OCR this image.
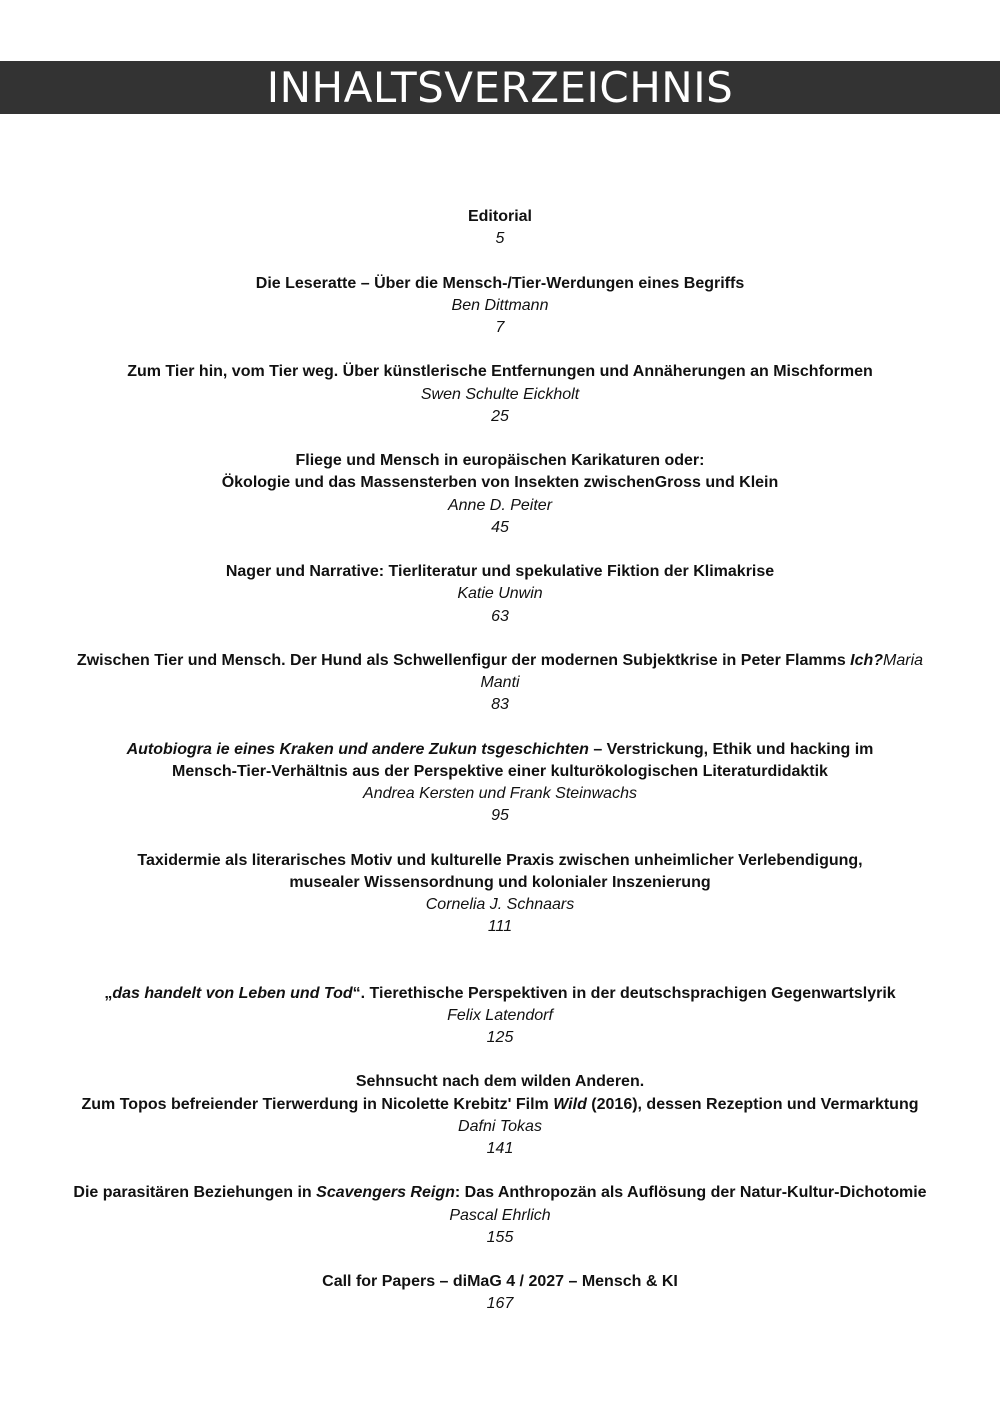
INHALTSVERZEICHNIS
Editorial
5
Die Leseratte – Über die Mensch-/Tier-Werdungen eines Begriffs
Ben Dittmann
7
Zum Tier hin, vom Tier weg. Über künstlerische Entfernungen und Annäherungen an Mischformen
Swen Schulte Eickholt
25
Fliege und Mensch in europäischen Karikaturen oder:
Ökologie und das Massensterben von Insekten zwischenGross und Klein
Anne D. Peiter
45
Nager und Narrative: Tierliteratur und spekulative Fiktion der Klimakrise
Katie Unwin
63
Zwischen Tier und Mensch. Der Hund als Schwellenfigur der modernen Subjektkrise in Peter Flamms Ich?Maria
Manti
83
Autobiogra ie eines Kraken und andere Zukun tsgeschichten – Verstrickung, Ethik und hacking im
Mensch-Tier-Verhältnis aus der Perspektive einer kulturökologischen Literaturdidaktik
Andrea Kersten und Frank Steinwachs
95
Taxidermie als literarisches Motiv und kulturelle Praxis zwischen unheimlicher Verlebendigung,
musealer Wissensordnung und kolonialer Inszenierung
Cornelia J. Schnaars
111
„das handelt von Leben und Tod“. Tierethische Perspektiven in der deutschsprachigen Gegenwartslyrik
Felix Latendorf
125
Sehnsucht nach dem wilden Anderen.
Zum Topos befreiender Tierwerdung in Nicolette Krebitz' Film Wild (2016), dessen Rezeption und Vermarktung
Dafni Tokas
141
Die parasitären Beziehungen in Scavengers Reign: Das Anthropozän als Auflösung der Natur-Kultur-Dichotomie
Pascal Ehrlich
155
Call for Papers – diMaG 4 / 2027 – Mensch & KI
167
